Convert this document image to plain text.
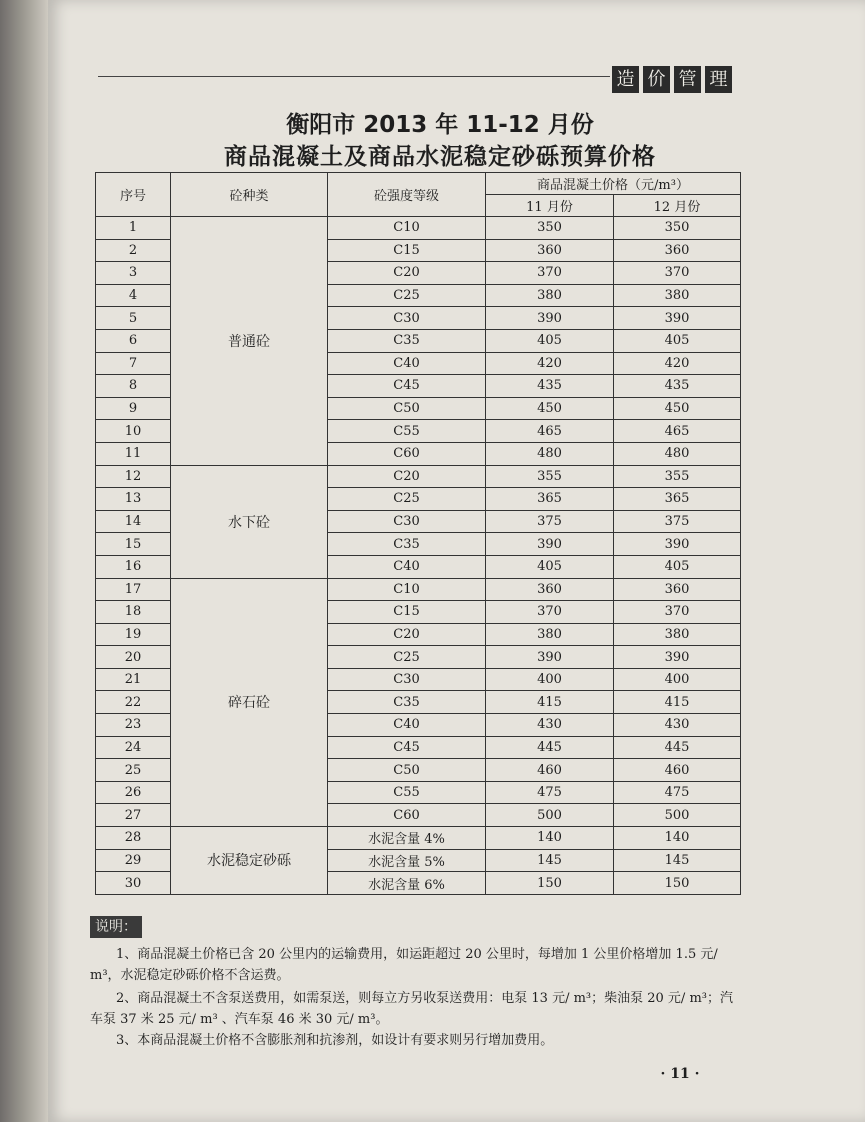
造 价 管 理
衡阳市 2013 年 11-12 月份
商品混凝土及商品水泥稳定砂砾预算价格
序号	砼种类	砼强度等级	商品混凝土价格（元/m³）	
			11 月份	12 月份
1	普通砼	C10	350	350
2		C15	360	360
3		C20	370	370
4		C25	380	380
5		C30	390	390
6		C35	405	405
7		C40	420	420
8		C45	435	435
9		C50	450	450
10		C55	465	465
11		C60	480	480
12	水下砼	C20	355	355
13		C25	365	365
14		C30	375	375
15		C35	390	390
16		C40	405	405
17	碎石砼	C10	360	360
18		C15	370	370
19		C20	380	380
20		C25	390	390
21		C30	400	400
22		C35	415	415
23		C40	430	430
24		C45	445	445
25		C50	460	460
26		C55	475	475
27		C60	500	500
28	水泥稳定砂砾	水泥含量 4%	140	140
29		水泥含量 5%	145	145
30		水泥含量 6%	150	150
说明：
1、商品混凝土价格已含 20 公里内的运输费用，如运距超过 20 公里时，每增加 1 公里价格增加 1.5 元/ m³，水泥稳定砂砾价格不含运费。
2、商品混凝土不含泵送费用，如需泵送，则每立方另收泵送费用：电泵 13 元/ m³；柴油泵 20 元/ m³；汽车泵 37 米 25 元/ m³ 、汽车泵 46 米 30 元/ m³。
3、本商品混凝土价格不含膨胀剂和抗渗剂，如设计有要求则另行增加费用。
· 11 ·
